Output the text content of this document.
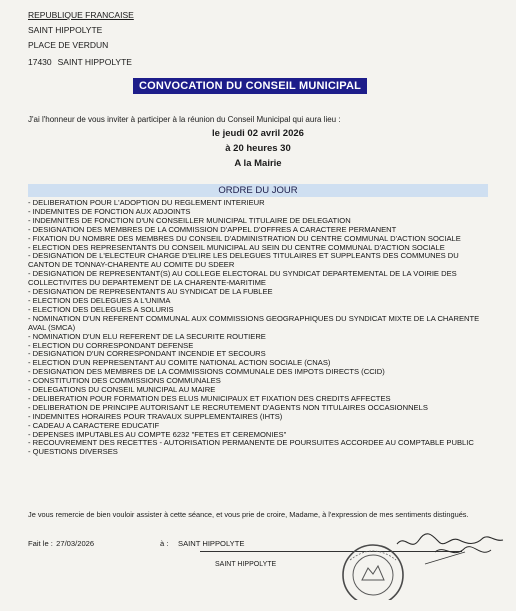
REPUBLIQUE FRANCAISE
SAINT HIPPOLYTE
PLACE DE VERDUN
17430 SAINT HIPPOLYTE
CONVOCATION DU CONSEIL MUNICIPAL
J'ai l'honneur de vous inviter à participer à la réunion du Conseil Municipal qui aura lieu :
le jeudi 02 avril 2026
à 20 heures 30
A la Mairie
ORDRE DU JOUR
- DELIBERATION POUR L'ADOPTION DU REGLEMENT INTERIEUR
- INDEMNITES DE FONCTION AUX ADJOINTS
- INDEMNITES DE FONCTION D'UN CONSEILLER MUNICIPAL TITULAIRE DE DELEGATION
- DESIGNATION DES MEMBRES DE LA COMMISSION D'APPEL D'OFFRES A CARACTERE PERMANENT
- FIXATION DU NOMBRE DES MEMBRES DU CONSEIL D'ADMINISTRATION DU CENTRE COMMUNAL D'ACTION SOCIALE
- ELECTION DES REPRESENTANTS DU CONSEIL MUNICIPAL AU SEIN DU CENTRE COMMUNAL D'ACTION SOCIALE
- DESIGNATION DE L'ELECTEUR CHARGE D'ELIRE LES DELEGUES TITULAIRES ET SUPPLEANTS DES COMMUNES DU CANTON DE TONNAY-CHARENTE AU COMITE DU SDEER
- DESIGNATION DE REPRESENTANT(S) AU COLLEGE ELECTORAL DU SYNDICAT DEPARTEMENTAL DE LA VOIRIE DES COLLECTIVITES DU DEPARTEMENT DE LA CHARENTE-MARITIME
- DESIGNATION DE REPRESENTANTS AU SYNDICAT DE LA FUBLEE
- ELECTION DES DELEGUES A L'UNIMA
- ELECTION DES DELEGUES A SOLURIS
- NOMINATION D'UN REFERENT COMMUNAL AUX COMMISSIONS GEOGRAPHIQUES DU SYNDICAT MIXTE DE LA CHARENTE AVAL (SMCA)
- NOMINATION D'UN ELU REFERENT DE LA SECURITE ROUTIERE
- ELECTION DU CORRESPONDANT DEFENSE
- DESIGNATION D'UN CORRESPONDANT INCENDIE ET SECOURS
- ELECTION D'UN REPRESENTANT AU COMITE NATIONAL ACTION SOCIALE (CNAS)
- DESIGNATION DES MEMBRES DE LA COMMISSIONS COMMUNALE DES IMPOTS DIRECTS (CCID)
- CONSTITUTION DES COMMISSIONS COMMUNALES
- DELEGATIONS DU CONSEIL MUNICIPAL AU MAIRE
- DELIBERATION POUR FORMATION DES ELUS MUNICIPAUX ET FIXATION DES CREDITS AFFECTES
- DELIBERATION DE PRINCIPE AUTORISANT LE RECRUTEMENT D'AGENTS NON TITULAIRES OCCASIONNELS
- INDEMNITES HORAIRES POUR TRAVAUX SUPPLEMENTAIRES (IHTS)
- CADEAU A CARACTERE EDUCATIF
- DEPENSES IMPUTABLES AU COMPTE 6232 "FETES ET CEREMONIES"
- RECOUVREMENT DES RECETTES - AUTORISATION PERMANENTE DE POURSUITES ACCORDEE AU COMPTABLE PUBLIC
- QUESTIONS DIVERSES
Je vous remercie de bien vouloir assister à cette séance, et vous prie de croire, Madame, à l'expression de mes sentiments distingués.
Fait le : 27/03/2026	à : SAINT HIPPOLYTE
SAINT HIPPOLYTE
